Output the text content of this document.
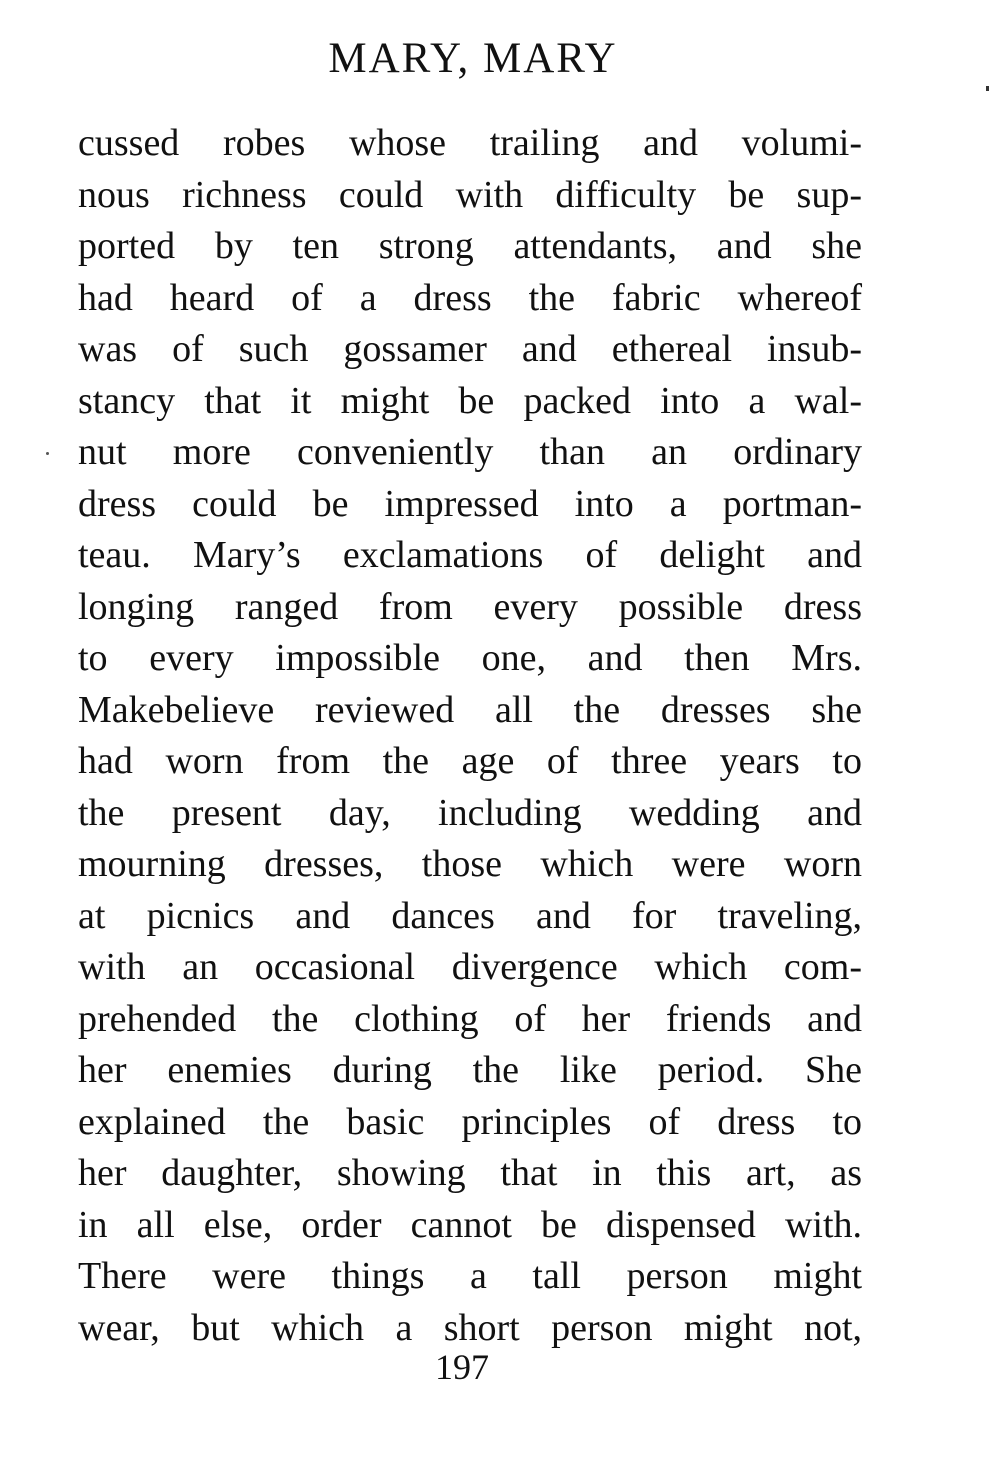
MARY, MARY
cussed robes whose trailing and volumi-
nous richness could with difficulty be sup-
ported by ten strong attendants, and she
had heard of a dress the fabric whereof
was of such gossamer and ethereal insub-
stancy that it might be packed into a wal-
nut more conveniently than an ordinary
dress could be impressed into a portman-
teau. Mary’s exclamations of delight and
longing ranged from every possible dress
to every impossible one, and then Mrs.
Makebelieve reviewed all the dresses she
had worn from the age of three years to
the present day, including wedding and
mourning dresses, those which were worn
at picnics and dances and for traveling,
with an occasional divergence which com-
prehended the clothing of her friends and
her enemies during the like period. She
explained the basic principles of dress to
her daughter, showing that in this art, as
in all else, order cannot be dispensed with.
There were things a tall person might
wear, but which a short person might not,
197
